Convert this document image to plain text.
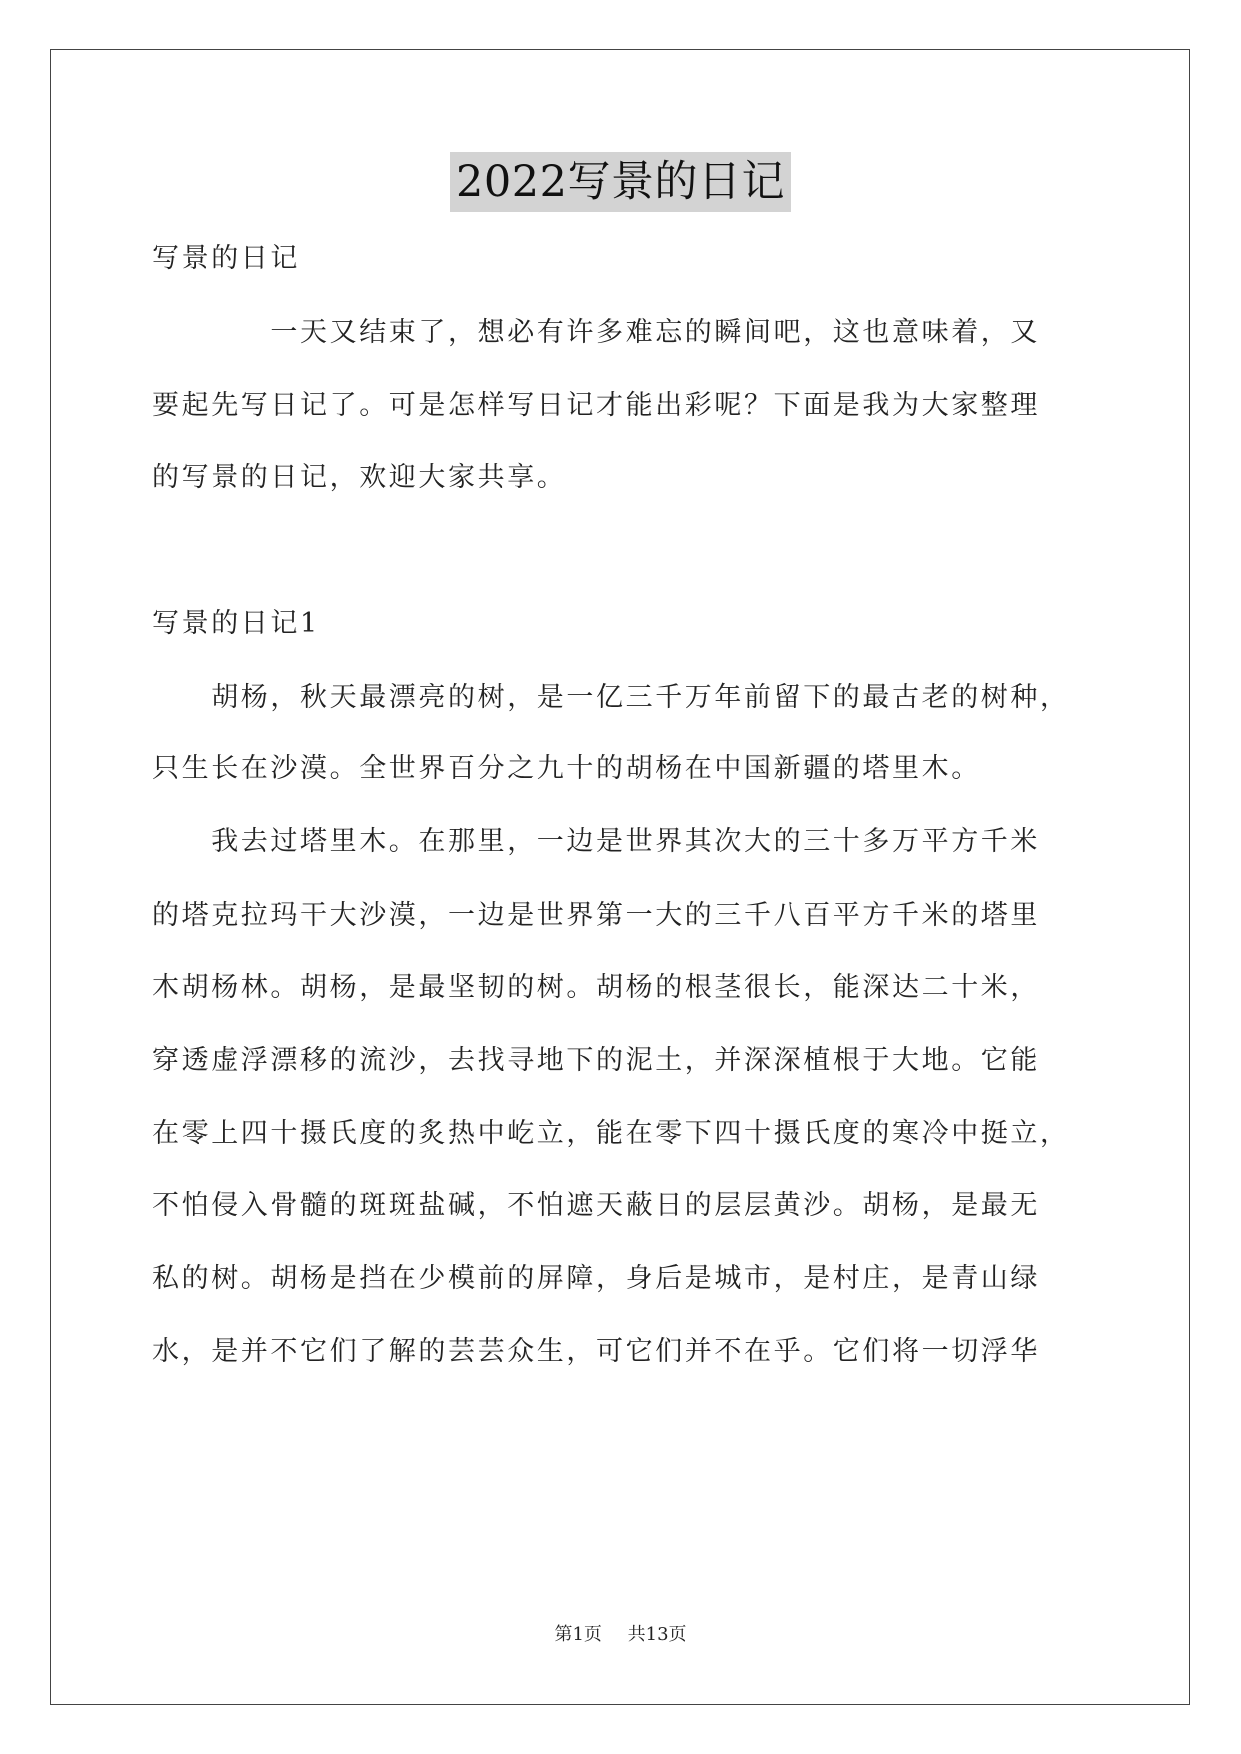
2022写景的日记
写景的日记
　　　　一天又结束了，想必有许多难忘的瞬间吧，这也意味着，又
要起先写日记了。可是怎样写日记才能出彩呢？下面是我为大家整理
的写景的日记，欢迎大家共享。
写景的日记1
　　胡杨，秋天最漂亮的树，是一亿三千万年前留下的最古老的树种，
只生长在沙漠。全世界百分之九十的胡杨在中国新疆的塔里木。
　　我去过塔里木。在那里，一边是世界其次大的三十多万平方千米
的塔克拉玛干大沙漠，一边是世界第一大的三千八百平方千米的塔里
木胡杨林。胡杨，是最坚韧的树。胡杨的根茎很长，能深达二十米，
穿透虚浮漂移的流沙，去找寻地下的泥土，并深深植根于大地。它能
在零上四十摄氏度的炙热中屹立，能在零下四十摄氏度的寒冷中挺立，
不怕侵入骨髓的斑斑盐碱，不怕遮天蔽日的层层黄沙。胡杨，是最无
私的树。胡杨是挡在少模前的屏障，身后是城市，是村庄，是青山绿
水，是并不它们了解的芸芸众生，可它们并不在乎。它们将一切浮华
第1页 共13页
